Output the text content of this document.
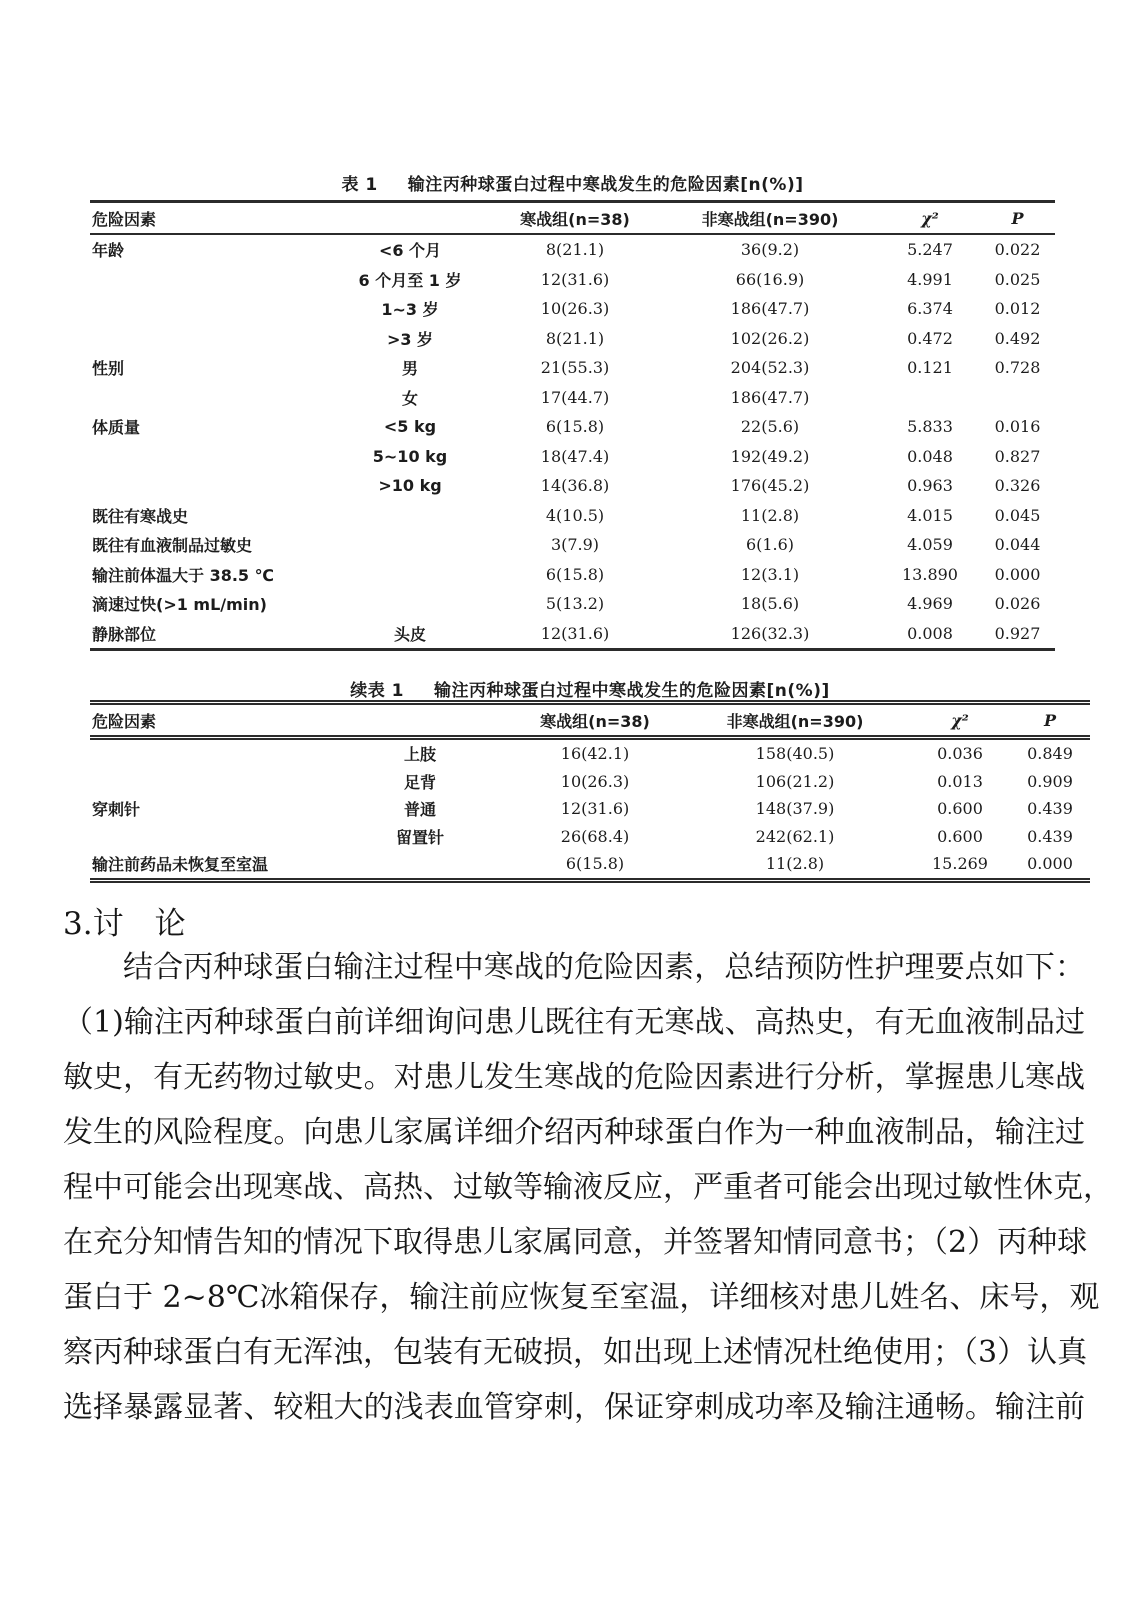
表 1 输注丙种球蛋白过程中寒战发生的危险因素[n(%)]
危险因素		寒战组(n=38)	非寒战组(n=390)	χ²	P
年龄	<6 个月	8(21.1)	36(9.2)	5.247	0.022
	6 个月至 1 岁	12(31.6)	66(16.9)	4.991	0.025
	1~3 岁	10(26.3)	186(47.7)	6.374	0.012
	>3 岁	8(21.1)	102(26.2)	0.472	0.492
性别	男	21(55.3)	204(52.3)	0.121	0.728
	女	17(44.7)	186(47.7)		
体质量	<5 kg	6(15.8)	22(5.6)	5.833	0.016
	5~10 kg	18(47.4)	192(49.2)	0.048	0.827
	>10 kg	14(36.8)	176(45.2)	0.963	0.326
既往有寒战史		4(10.5)	11(2.8)	4.015	0.045
既往有血液制品过敏史		3(7.9)	6(1.6)	4.059	0.044
输注前体温大于 38.5 ℃		6(15.8)	12(3.1)	13.890	0.000
滴速过快(>1 mL/min)		5(13.2)	18(5.6)	4.969	0.026
静脉部位	头皮	12(31.6)	126(32.3)	0.008	0.927
续表 1 输注丙种球蛋白过程中寒战发生的危险因素[n(%)]
危险因素		寒战组(n=38)	非寒战组(n=390)	χ²	P
	上肢	16(42.1)	158(40.5)	0.036	0.849
	足背	10(26.3)	106(21.2)	0.013	0.909
穿刺针	普通	12(31.6)	148(37.9)	0.600	0.439
	留置针	26(68.4)	242(62.1)	0.600	0.439
输注前药品未恢复至室温		6(15.8)	11(2.8)	15.269	0.000
3.讨　论
结合丙种球蛋白输注过程中寒战的危险因素，总结预防性护理要点如下：
（1)输注丙种球蛋白前详细询问患儿既往有无寒战、高热史，有无血液制品过
敏史，有无药物过敏史。对患儿发生寒战的危险因素进行分析，掌握患儿寒战
发生的风险程度。向患儿家属详细介绍丙种球蛋白作为一种血液制品，输注过
程中可能会出现寒战、高热、过敏等输液反应，严重者可能会出现过敏性休克，
在充分知情告知的情况下取得患儿家属同意，并签署知情同意书；（2）丙种球
蛋白于 2~8℃冰箱保存，输注前应恢复至室温，详细核对患儿姓名、床号，观
察丙种球蛋白有无浑浊，包装有无破损，如出现上述情况杜绝使用；（3）认真
选择暴露显著、较粗大的浅表血管穿刺，保证穿刺成功率及输注通畅。输注前
